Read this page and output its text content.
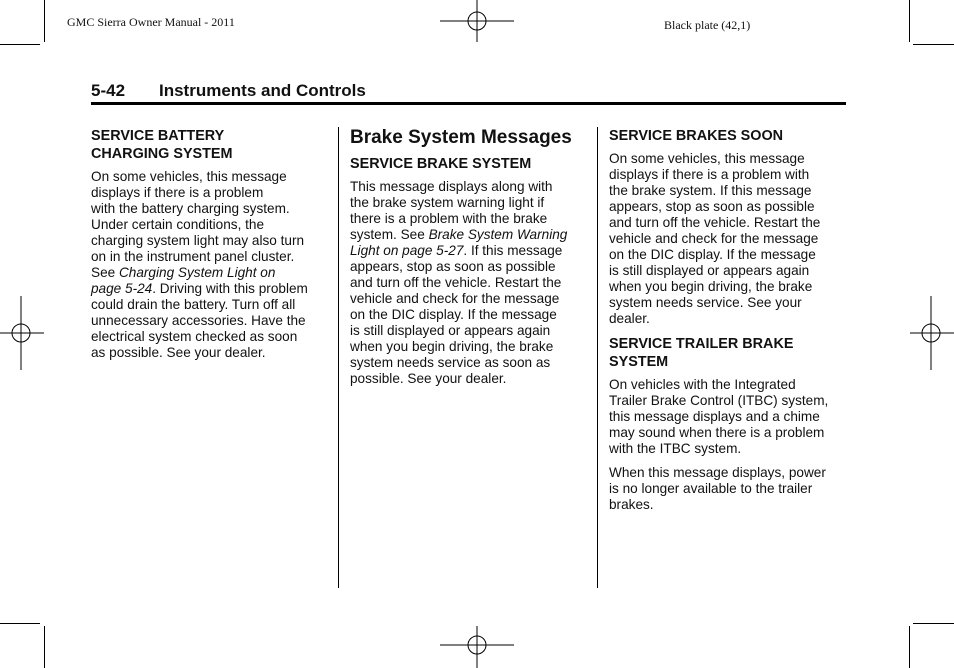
GMC Sierra Owner Manual - 2011	Black plate (42,1)
5-42 Instruments and Controls
SERVICE BATTERY
CHARGING SYSTEM

On some vehicles, this message
displays if there is a problem
with the battery charging system.
Under certain conditions, the
charging system light may also turn
on in the instrument panel cluster.
See Charging System Light on
page 5-24. Driving with this problem
could drain the battery. Turn off all
unnecessary accessories. Have the
electrical system checked as soon
as possible. See your dealer.

Brake System Messages
SERVICE BRAKE SYSTEM

This message displays along with
the brake system warning light if
there is a problem with the brake
system. See Brake System Warning
Light on page 5-27. If this message
appears, stop as soon as possible
and turn off the vehicle. Restart the
vehicle and check for the message
on the DIC display. If the message
is still displayed or appears again
when you begin driving, the brake
system needs service as soon as
possible. See your dealer.

SERVICE BRAKES SOON

On some vehicles, this message
displays if there is a problem with
the brake system. If this message
appears, stop as soon as possible
and turn off the vehicle. Restart the
vehicle and check for the message
on the DIC display. If the message
is still displayed or appears again
when you begin driving, the brake
system needs service. See your
dealer.

SERVICE TRAILER BRAKE
SYSTEM

On vehicles with the Integrated
Trailer Brake Control (ITBC) system,
this message displays and a chime
may sound when there is a problem
with the ITBC system.

When this message displays, power
is no longer available to the trailer
brakes.
